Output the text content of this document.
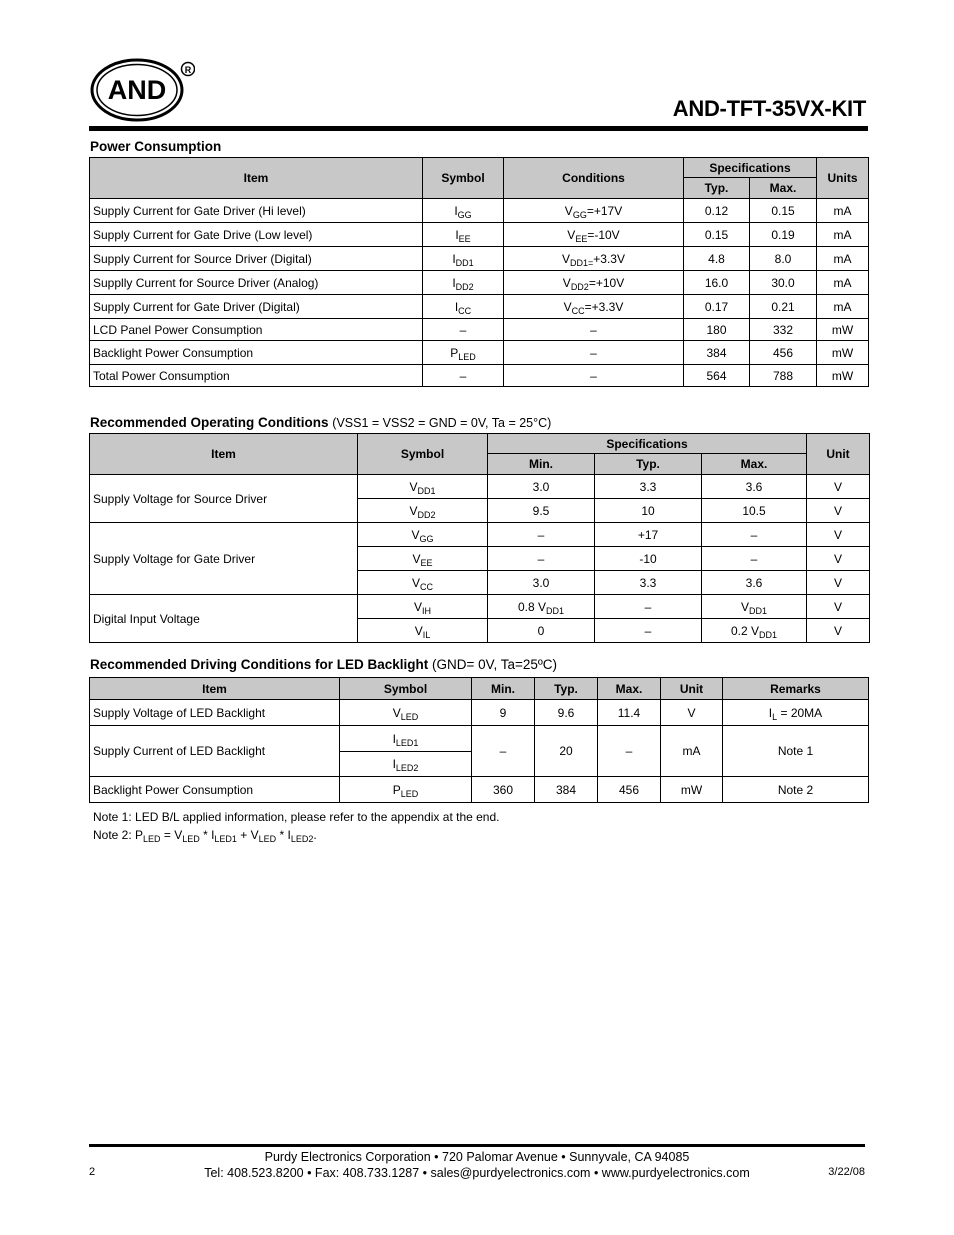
AND
R
AND-TFT-35VX-KIT
Power Consumption
Item	Symbol	Conditions	Specifications		Units
			Typ.	Max.	
Supply Current for Gate Driver (Hi level)	$I_{GG}$	$V_{GG}=+17V$	0.12	0.15	mA
Supply Current for Gate Drive (Low level)	$I_{EE}$	$V_{EE}=-10V$	0.15	0.19	mA
Supply Current for Source Driver (Digital)	$I_{DD1}$	$V_{DD1=}+3.3V$	4.8	8.0	mA
Supplly Current for Source Driver (Analog)	$I_{DD2}$	$V_{DD2}=+10V$	16.0	30.0	mA
Supply Current for Gate Driver (Digital)	$I_{CC}$	$V_{CC}=+3.3V$	0.17	0.21	mA
LCD Panel Power Consumption	–	–	180	332	mW
Backlight Power Consumption	$P_{LED}$	–	384	456	mW
Total Power Consumption	–	–	564	788	mW
Recommended Operating Conditions (VSS1 = VSS2 = GND = 0V, Ta = 25°C)
Item	Symbol	Specifications			Unit
		Min.	Typ.	Max.	
Supply Voltage for Source Driver	$V_{DD1}$	3.0	3.3	3.6	V
	$V_{DD2}$	9.5	10	10.5	V
Supply Voltage for Gate Driver	$V_{GG}$	–	+17	–	V
	$V_{EE}$	–	-10	–	V
	$V_{CC}$	3.0	3.3	3.6	V
Digital Input Voltage	$V_{IH}$	0.8 $V_{DD1}$	–	$V_{DD1}$	V
	$V_{IL}$	0	–	0.2 $V_{DD1}$	V
Recommended Driving Conditions for LED Backlight (GND= 0V, Ta=25ºC)
Item	Symbol	Min.	Typ.	Max.	Unit	Remarks
Supply Voltage of LED Backlight	$V_{LED}$	9	9.6	11.4	V	$I_L = 20MA$
Supply Current of LED Backlight	$I_{LED1}$	–	20	–	mA	Note 1
	$I_{LED2}$
Backlight Power Consumption	$P_{LED}$	360	384	456	mW	Note 2
Note 1: LED B/L applied information, please refer to the appendix at the end.
Note 2: $P_{LED} = V_{LED} * I_{LED1} + V_{LED} * I_{LED2}$.
Purdy Electronics Corporation • 720 Palomar Avenue • Sunnyvale, CA 94085
2	Tel: 408.523.8200 • Fax: 408.733.1287 • sales@purdyelectronics.com • www.purdyelectronics.com	3/22/08
